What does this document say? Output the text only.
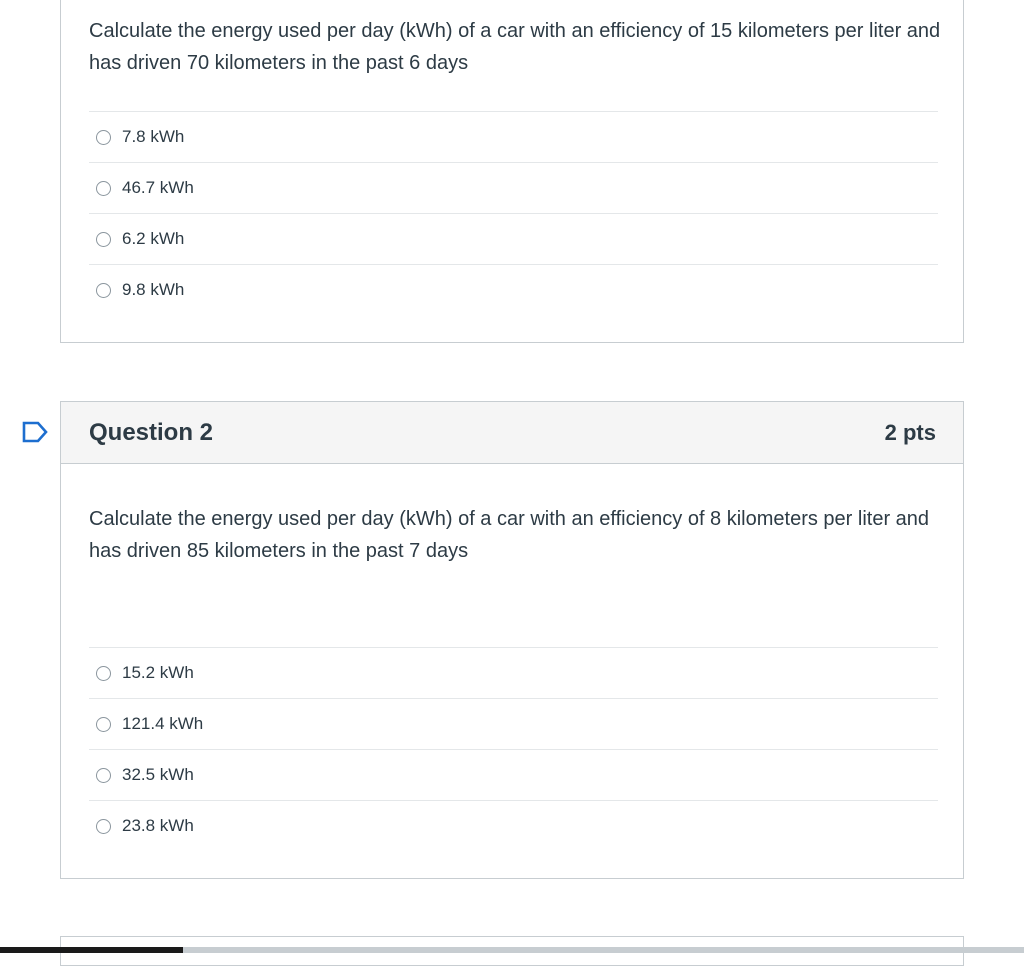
Calculate the energy used per day (kWh) of a car with an efficiency of 15 kilometers per liter and has driven 70 kilometers in the past 6 days
7.8 kWh
46.7 kWh
6.2 kWh
9.8 kWh
Question 2	2 pts
Calculate the energy used per day (kWh) of a car with an efficiency of 8 kilometers per liter and has driven 85 kilometers in the past 7 days
15.2 kWh
121.4 kWh
32.5 kWh
23.8 kWh
